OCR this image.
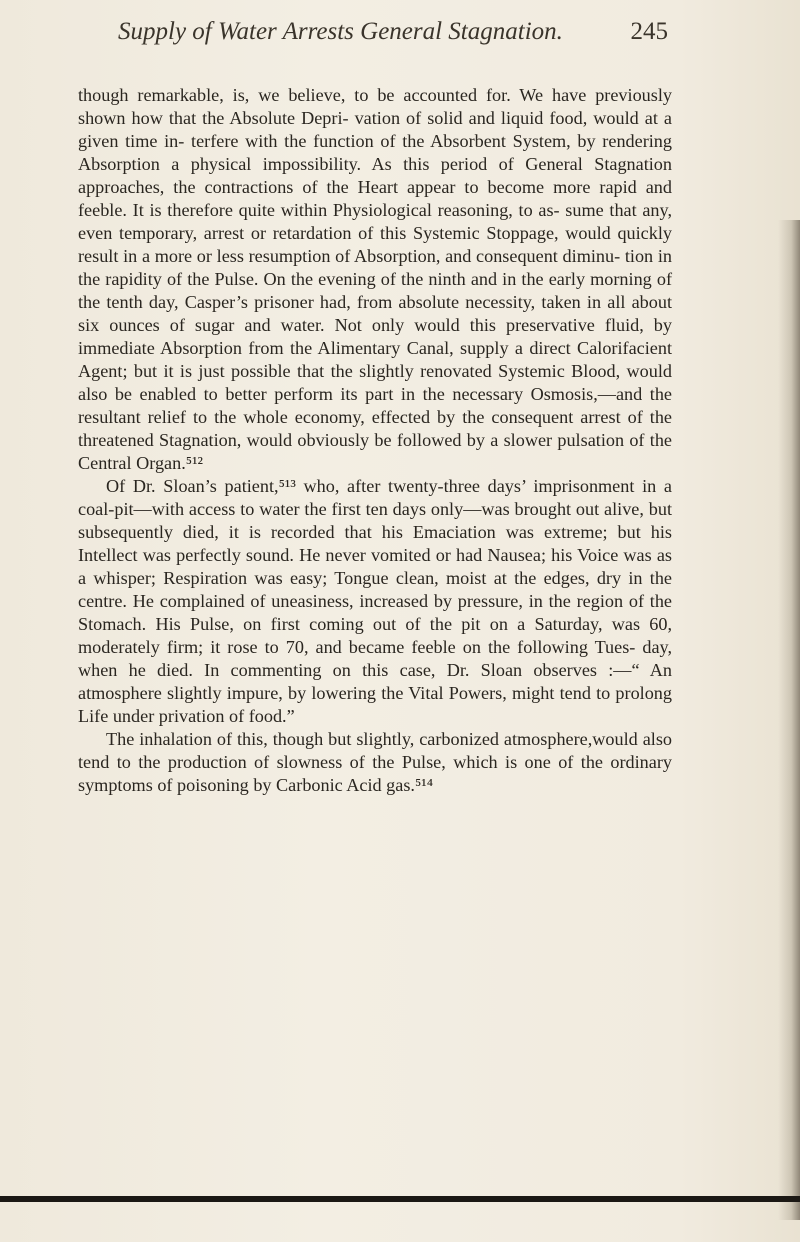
Supply of Water Arrests General Stagnation.	245

though remarkable, is, we believe, to be accounted for. We have previously shown how that the Absolute Depri- vation of solid and liquid food, would at a given time in- terfere with the function of the Absorbent System, by rendering Absorption a physical impossibility. As this period of General Stagnation approaches, the contractions of the Heart appear to become more rapid and feeble. It is therefore quite within Physiological reasoning, to as- sume that any, even temporary, arrest or retardation of this Systemic Stoppage, would quickly result in a more or less resumption of Absorption, and consequent diminu- tion in the rapidity of the Pulse. On the evening of the ninth and in the early morning of the tenth day, Casper’s prisoner had, from absolute necessity, taken in all about six ounces of sugar and water. Not only would this preservative fluid, by immediate Absorption from the Alimentary Canal, supply a direct Calorifacient Agent; but it is just possible that the slightly renovated Systemic Blood, would also be enabled to better perform its part in the necessary Osmosis,—and the resultant relief to the whole economy, effected by the consequent arrest of the threatened Stagnation, would obviously be followed by a slower pulsation of the Central Organ.⁵¹²

Of Dr. Sloan’s patient,⁵¹³ who, after twenty-three days’ imprisonment in a coal-pit—with access to water the first ten days only—was brought out alive, but subsequently died, it is recorded that his Emaciation was extreme; but his Intellect was perfectly sound. He never vomited or had Nausea; his Voice was as a whisper; Respiration was easy; Tongue clean, moist at the edges, dry in the centre. He complained of uneasiness, increased by pressure, in the region of the Stomach. His Pulse, on first coming out of the pit on a Saturday, was 60, moderately firm; it rose to 70, and became feeble on the following Tues- day, when he died. In commenting on this case, Dr. Sloan observes :—“ An atmosphere slightly impure, by lowering the Vital Powers, might tend to prolong Life under privation of food.”

The inhalation of this, though but slightly, carbonized atmosphere,would also tend to the production of slowness of the Pulse, which is one of the ordinary symptoms of poisoning by Carbonic Acid gas.⁵¹⁴
